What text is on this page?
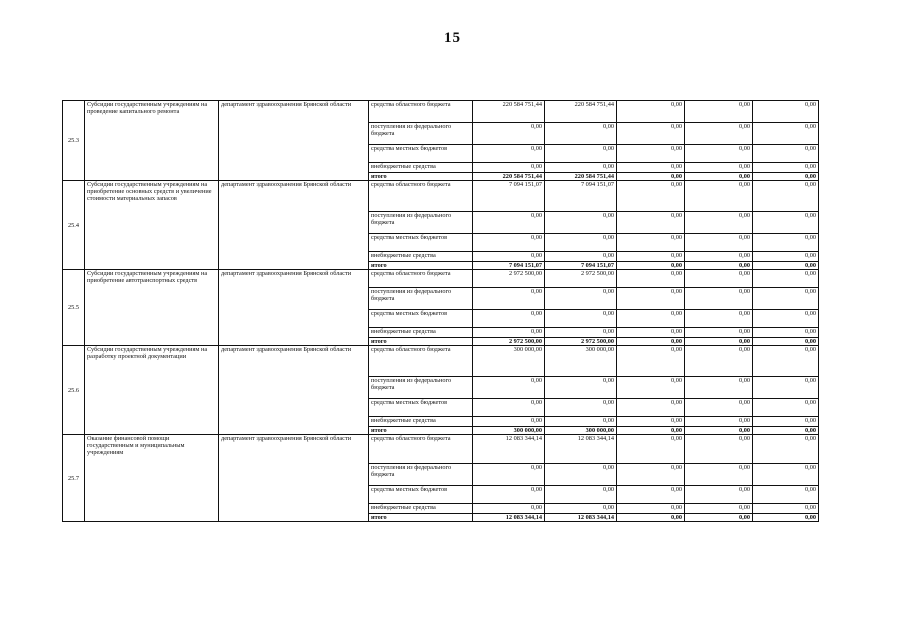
15
25.3	Субсидии государственным учреждениям на проведение капитального ремонта	департамент здравоохранения Брянской области	средства областного бюджета	220 584 751,44	220 584 751,44	0,00	0,00	0,00
			поступления из федерального бюджета	0,00	0,00	0,00	0,00	0,00
			средства местных бюджетов	0,00	0,00	0,00	0,00	0,00
			внебюджетные средства	0,00	0,00	0,00	0,00	0,00
			итого	220 584 751,44	220 584 751,44	0,00	0,00	0,00
25.4	Субсидии государственным учреждениям на приобретение основных средств и увеличение стоимости материальных запасов	департамент здравоохранения Брянской области	средства областного бюджета	7 094 151,07	7 094 151,07	0,00	0,00	0,00
			поступления из федерального бюджета	0,00	0,00	0,00	0,00	0,00
			средства местных бюджетов	0,00	0,00	0,00	0,00	0,00
			внебюджетные средства	0,00	0,00	0,00	0,00	0,00
			итого	7 094 151,07	7 094 151,07	0,00	0,00	0,00
25.5	Субсидии государственным учреждениям на приобретение автотранспортных средств	департамент здравоохранения Брянской области	средства областного бюджета	2 972 500,00	2 972 500,00	0,00	0,00	0,00
			поступления из федерального бюджета	0,00	0,00	0,00	0,00	0,00
			средства местных бюджетов	0,00	0,00	0,00	0,00	0,00
			внебюджетные средства	0,00	0,00	0,00	0,00	0,00
			итого	2 972 500,00	2 972 500,00	0,00	0,00	0,00
25.6	Субсидии государственным учреждениям на разработку проектной документации	департамент здравоохранения Брянской области	средства областного бюджета	300 000,00	300 000,00	0,00	0,00	0,00
			поступления из федерального бюджета	0,00	0,00	0,00	0,00	0,00
			средства местных бюджетов	0,00	0,00	0,00	0,00	0,00
			внебюджетные средства	0,00	0,00	0,00	0,00	0,00
			итого	300 000,00	300 000,00	0,00	0,00	0,00
25.7	Оказание финансовой помощи государственным и муниципальным учреждениям	департамент здравоохранения Брянской области	средства областного бюджета	12 083 344,14	12 083 344,14	0,00	0,00	0,00
			поступления из федерального бюджета	0,00	0,00	0,00	0,00	0,00
			средства местных бюджетов	0,00	0,00	0,00	0,00	0,00
			внебюджетные средства	0,00	0,00	0,00	0,00	0,00
			итого	12 083 344,14	12 083 344,14	0,00	0,00	0,00
